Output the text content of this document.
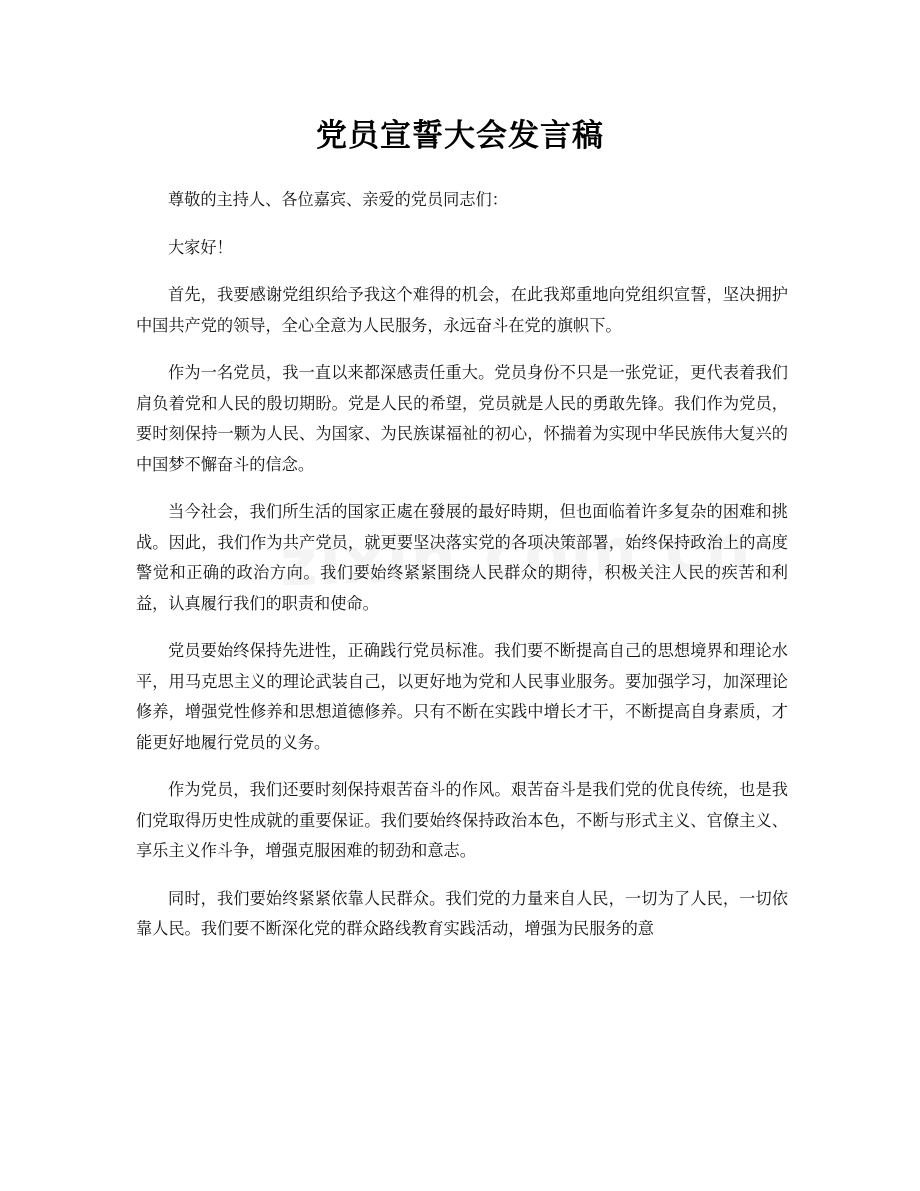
党员宣誓大会发言稿

尊敬的主持人、各位嘉宾、亲爱的党员同志们：

大家好！

首先，我要感谢党组织给予我这个难得的机会，在此我郑重地向党组织宣誓，坚决拥护中国共产党的领导，全心全意为人民服务，永远奋斗在党的旗帜下。

作为一名党员，我一直以来都深感责任重大。党员身份不只是一张党证，更代表着我们肩负着党和人民的殷切期盼。党是人民的希望，党员就是人民的勇敢先锋。我们作为党员，要时刻保持一颗为人民、为国家、为民族谋福祉的初心，怀揣着为实现中华民族伟大复兴的中国梦不懈奋斗的信念。

当今社会，我们所生活的国家正處在發展的最好時期，但也面临着许多复杂的困难和挑战。因此，我们作为共产党员，就更要坚决落实党的各项决策部署，始终保持政治上的高度警觉和正确的政治方向。我们要始终紧紧围绕人民群众的期待，积极关注人民的疾苦和利益，认真履行我们的职责和使命。

党员要始终保持先进性，正确践行党员标准。我们要不断提高自己的思想境界和理论水平，用马克思主义的理论武装自己，以更好地为党和人民事业服务。要加强学习，加深理论修养，增强党性修养和思想道德修养。只有不断在实践中增长才干，不断提高自身素质，才能更好地履行党员的义务。

作为党员，我们还要时刻保持艰苦奋斗的作风。艰苦奋斗是我们党的优良传统，也是我们党取得历史性成就的重要保证。我们要始终保持政治本色，不断与形式主义、官僚主义、享乐主义作斗争，增强克服困难的韧劲和意志。

同时，我们要始终紧紧依靠人民群众。我们党的力量来自人民，一切为了人民，一切依靠人民。我们要不断深化党的群众路线教育实践活动，增强为民服务的意
